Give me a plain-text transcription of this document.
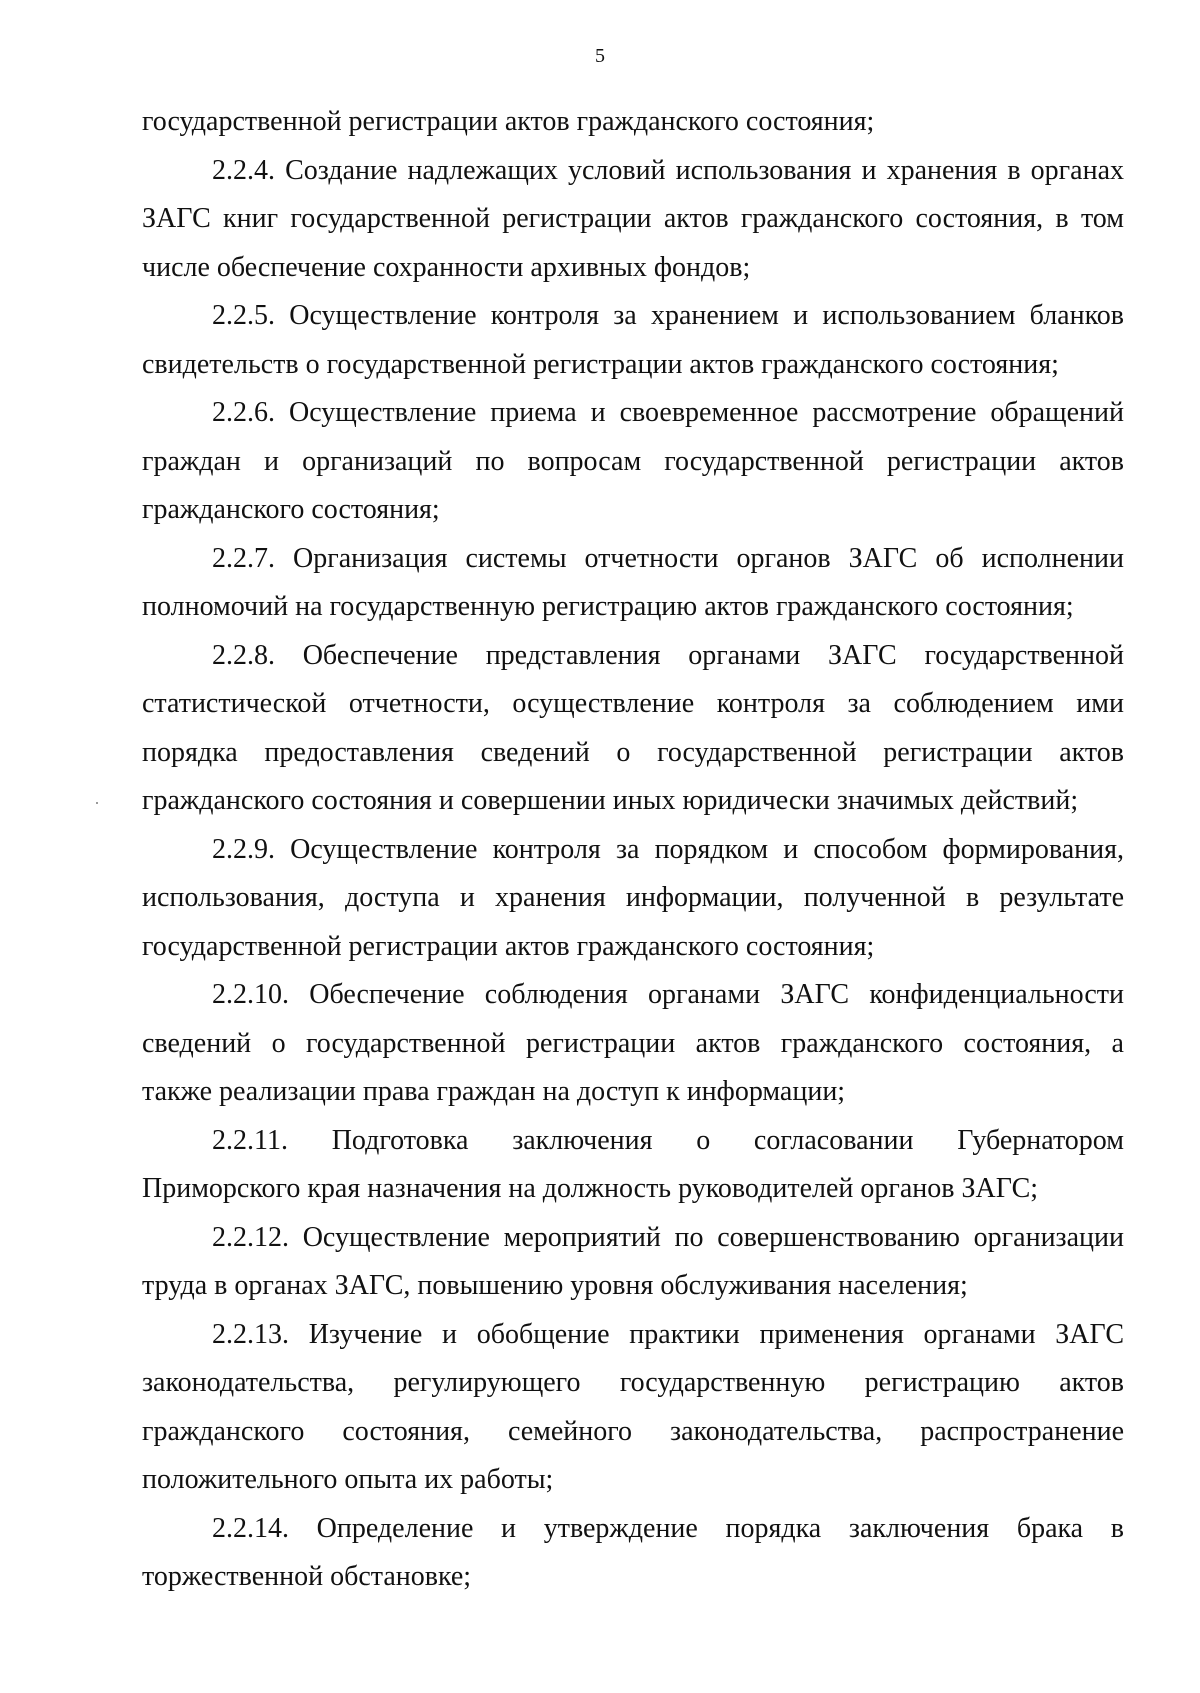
5
государственной регистрации актов гражданского состояния;
2.2.4. Создание надлежащих условий использования и хранения в органах
ЗАГС книг государственной регистрации актов гражданского состояния, в том
числе обеспечение сохранности архивных фондов;
2.2.5. Осуществление контроля за хранением и использованием бланков
свидетельств о государственной регистрации актов гражданского состояния;
2.2.6. Осуществление приема и своевременное рассмотрение обращений
граждан и организаций по вопросам государственной регистрации актов
гражданского состояния;
2.2.7. Организация системы отчетности органов ЗАГС об исполнении
полномочий на государственную регистрацию актов гражданского состояния;
2.2.8. Обеспечение представления органами ЗАГС государственной
статистической отчетности, осуществление контроля за соблюдением ими
порядка предоставления сведений о государственной регистрации актов
гражданского состояния и совершении иных юридически значимых действий;
2.2.9. Осуществление контроля за порядком и способом формирования,
использования, доступа и хранения информации, полученной в результате
государственной регистрации актов гражданского состояния;
2.2.10. Обеспечение соблюдения органами ЗАГС конфиденциальности
сведений о государственной регистрации актов гражданского состояния, а
также реализации права граждан на доступ к информации;
2.2.11. Подготовка заключения о согласовании Губернатором
Приморского края назначения на должность руководителей органов ЗАГС;
2.2.12. Осуществление мероприятий по совершенствованию организации
труда в органах ЗАГС, повышению уровня обслуживания населения;
2.2.13. Изучение и обобщение практики применения органами ЗАГС
законодательства, регулирующего государственную регистрацию актов
гражданского состояния, семейного законодательства, распространение
положительного опыта их работы;
2.2.14. Определение и утверждение порядка заключения брака в
торжественной обстановке;
